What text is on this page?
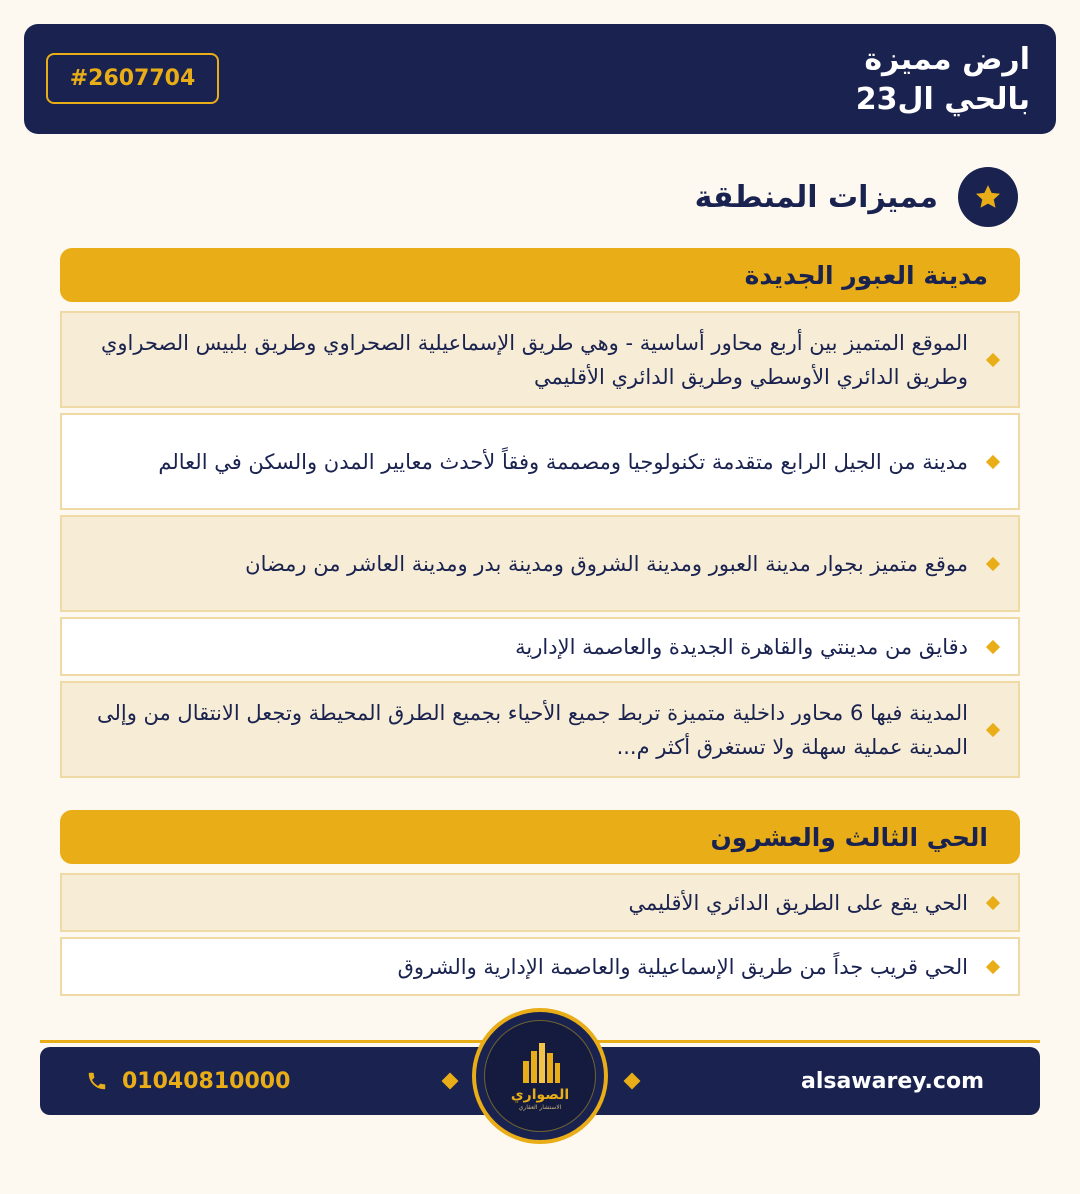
ارض مميزة
بالحي ال23
#2607704
مميزات المنطقة
مدينة العبور الجديدة
الموقع المتميز بين أربع محاور أساسية - وهي طريق الإسماعيلية الصحراوي وطريق بلبيس الصحراوي وطريق الدائري الأوسطي وطريق الدائري الأقليمي
مدينة من الجيل الرابع متقدمة تكنولوجيا ومصممة وفقاً لأحدث معايير المدن والسكن في العالم
موقع متميز بجوار مدينة العبور ومدينة الشروق ومدينة بدر ومدينة العاشر من رمضان
دقايق من مدينتي والقاهرة الجديدة والعاصمة الإدارية
المدينة فيها 6 محاور داخلية متميزة تربط جميع الأحياء بجميع الطرق المحيطة وتجعل الانتقال من وإلى المدينة عملية سهلة ولا تستغرق أكثر م...
الحي الثالث والعشرون
الحي يقع على الطريق الدائري الأقليمي
الحي قريب جداً من طريق الإسماعيلية والعاصمة الإدارية والشروق
01040810000	alsawarey.com
الصواري
الاستشار العقاري
